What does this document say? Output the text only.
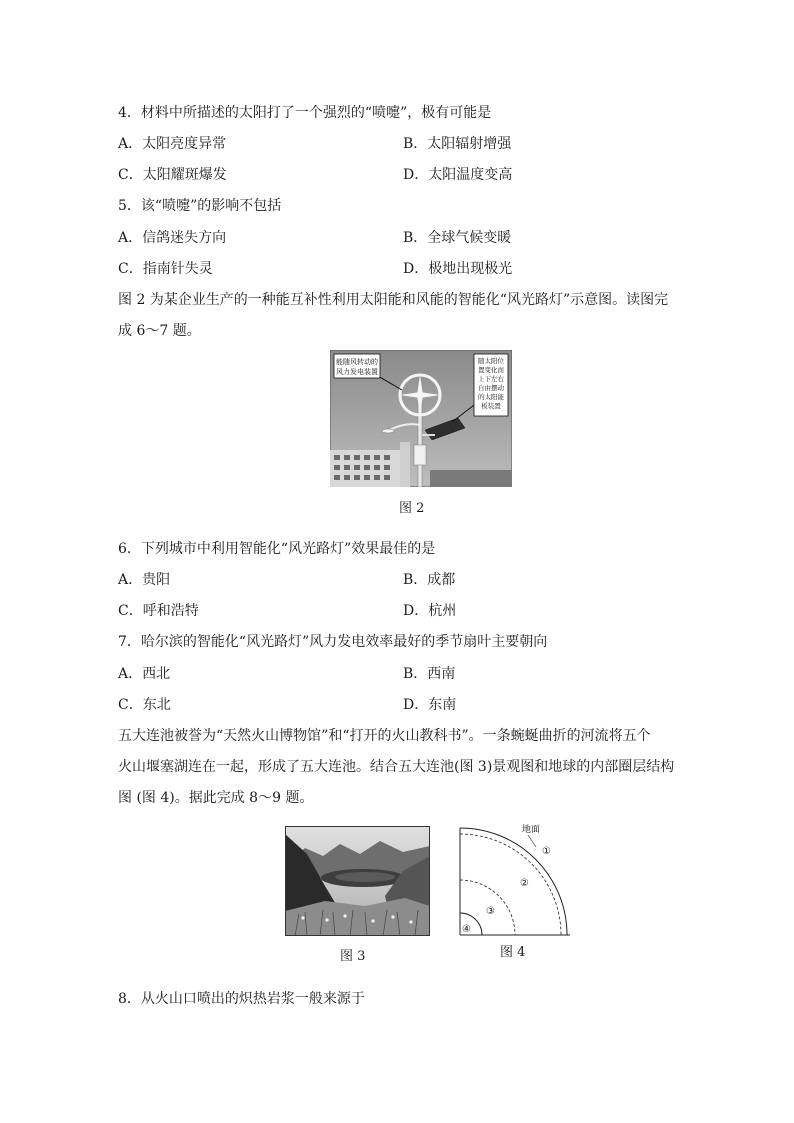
4．材料中所描述的太阳打了一个强烈的“喷嚏”，极有可能是
A．太阳亮度异常	B．太阳辐射增强
C．太阳耀斑爆发	D．太阳温度变高
5．该“喷嚏”的影响不包括
A．信鸽迷失方向	B．全球气候变暖
C．指南针失灵	D．极地出现极光
图 2 为某企业生产的一种能互补性利用太阳能和风能的智能化“风光路灯”示意图。读图完
成 6～7 题。
能随风转动的
风力发电装置
随太阳位
置变化而
上下左右
自由摆动
的太阳能
板装置
图 2
6．下列城市中利用智能化“风光路灯”效果最佳的是
A．贵阳	B．成都
C．呼和浩特	D．杭州
7．哈尔滨的智能化“风光路灯”风力发电效率最好的季节扇叶主要朝向
A．西北	B．西南
C．东北	D．东南
五大连池被誉为“天然火山博物馆”和“打开的火山教科书”。一条蜿蜒曲折的河流将五个
火山堰塞湖连在一起，形成了五大连池。结合五大连池(图 3)景观图和地球的内部圈层结构
图 (图 4)。据此完成 8～9 题。
图 3
地面
①
②
③
④
图 4
8．从火山口喷出的炽热岩浆一般来源于
